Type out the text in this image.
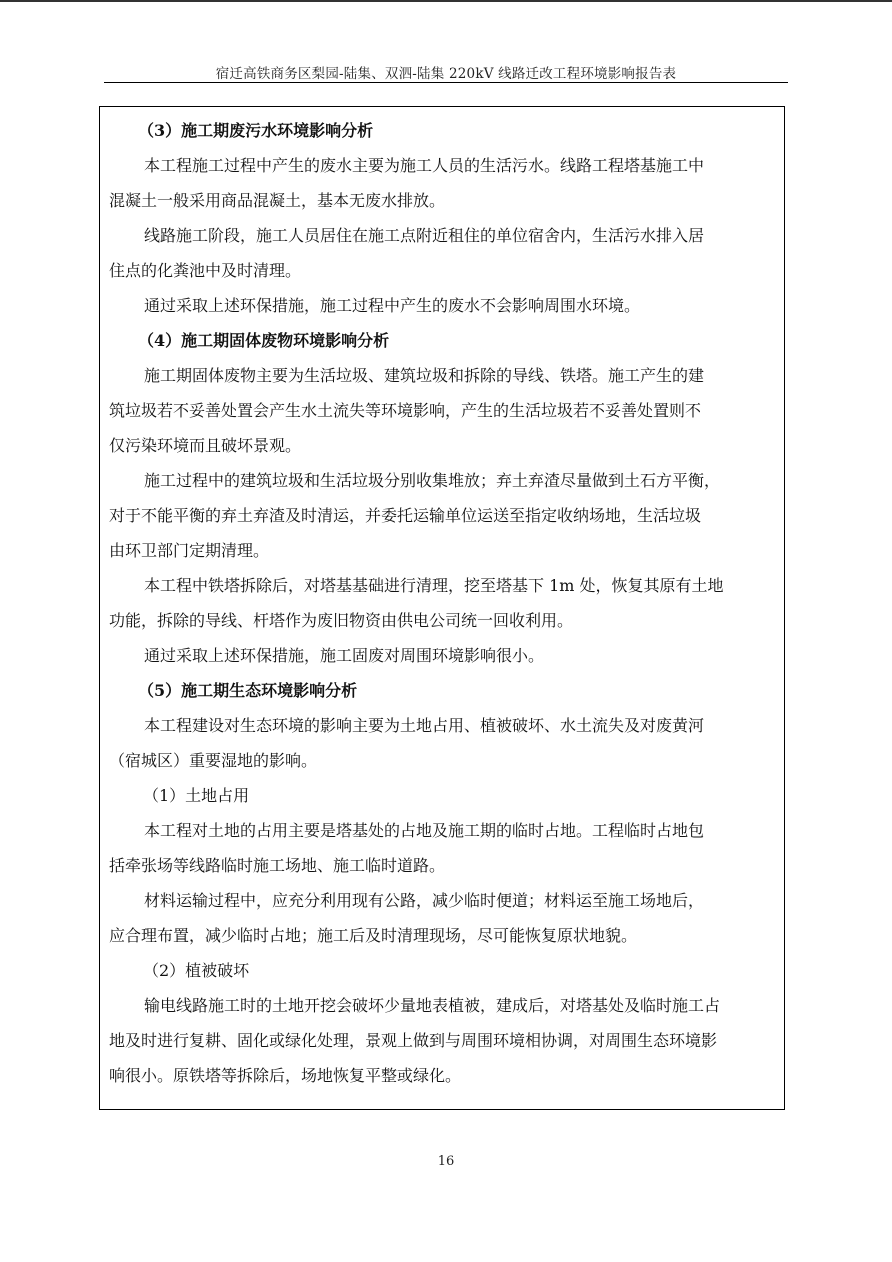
宿迁高铁商务区梨园-陆集、双泗-陆集 220kV 线路迁改工程环境影响报告表
（3）施工期废污水环境影响分析
本工程施工过程中产生的废水主要为施工人员的生活污水。线路工程塔基施工中
混凝土一般采用商品混凝土，基本无废水排放。
线路施工阶段，施工人员居住在施工点附近租住的单位宿舍内，生活污水排入居
住点的化粪池中及时清理。
通过采取上述环保措施，施工过程中产生的废水不会影响周围水环境。
（4）施工期固体废物环境影响分析
施工期固体废物主要为生活垃圾、建筑垃圾和拆除的导线、铁塔。施工产生的建
筑垃圾若不妥善处置会产生水土流失等环境影响，产生的生活垃圾若不妥善处置则不
仅污染环境而且破坏景观。
施工过程中的建筑垃圾和生活垃圾分别收集堆放；弃土弃渣尽量做到土石方平衡，
对于不能平衡的弃土弃渣及时清运，并委托运输单位运送至指定收纳场地，生活垃圾
由环卫部门定期清理。
本工程中铁塔拆除后，对塔基基础进行清理，挖至塔基下 1m 处，恢复其原有土地
功能，拆除的导线、杆塔作为废旧物资由供电公司统一回收利用。
通过采取上述环保措施，施工固废对周围环境影响很小。
（5）施工期生态环境影响分析
本工程建设对生态环境的影响主要为土地占用、植被破坏、水土流失及对废黄河
（宿城区）重要湿地的影响。
（1）土地占用
本工程对土地的占用主要是塔基处的占地及施工期的临时占地。工程临时占地包
括牵张场等线路临时施工场地、施工临时道路。
材料运输过程中，应充分利用现有公路，减少临时便道；材料运至施工场地后，
应合理布置，减少临时占地；施工后及时清理现场，尽可能恢复原状地貌。
（2）植被破坏
输电线路施工时的土地开挖会破坏少量地表植被，建成后，对塔基处及临时施工占
地及时进行复耕、固化或绿化处理，景观上做到与周围环境相协调，对周围生态环境影
响很小。原铁塔等拆除后，场地恢复平整或绿化。
16
